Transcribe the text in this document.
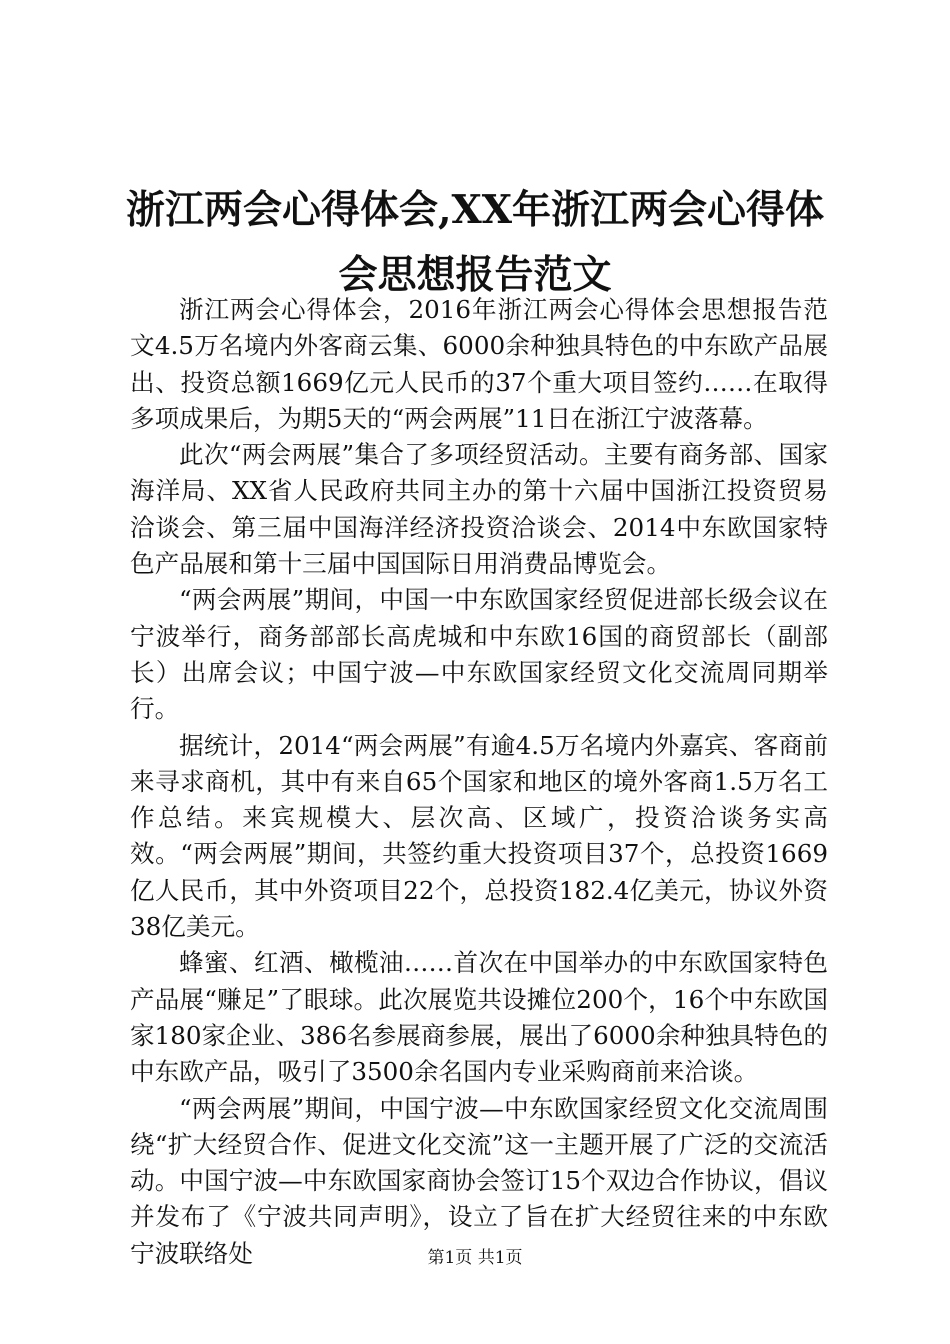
浙江两会心得体会,XX年浙江两会心得体会思想报告范文

浙江两会心得体会，2016年浙江两会心得体会思想报告范文4.5万名境内外客商云集、6000余种独具特色的中东欧产品展出、投资总额1669亿元人民币的37个重大项目签约……在取得多项成果后，为期5天的“两会两展”11日在浙江宁波落幕。

此次“两会两展”集合了多项经贸活动。主要有商务部、国家海洋局、XX省人民政府共同主办的第十六届中国浙江投资贸易洽谈会、第三届中国海洋经济投资洽谈会、2014中东欧国家特色产品展和第十三届中国国际日用消费品博览会。

“两会两展”期间，中国一中东欧国家经贸促进部长级会议在宁波举行，商务部部长高虎城和中东欧16国的商贸部长（副部长）出席会议；中国宁波—中东欧国家经贸文化交流周同期举行。

据统计，2014“两会两展”有逾4.5万名境内外嘉宾、客商前来寻求商机，其中有来自65个国家和地区的境外客商1.5万名工作总结。来宾规模大、层次高、区域广，投资洽谈务实高效。“两会两展”期间，共签约重大投资项目37个，总投资1669亿人民币，其中外资项目22个，总投资182.4亿美元，协议外资38亿美元。

蜂蜜、红酒、橄榄油……首次在中国举办的中东欧国家特色产品展“赚足”了眼球。此次展览共设摊位200个，16个中东欧国家180家企业、386名参展商参展，展出了6000余种独具特色的中东欧产品，吸引了3500余名国内专业采购商前来洽谈。

“两会两展”期间，中国宁波—中东欧国家经贸文化交流周围绕“扩大经贸合作、促进文化交流”这一主题开展了广泛的交流活动。中国宁波—中东欧国家商协会签订15个双边合作协议，倡议并发布了《宁波共同声明》，设立了旨在扩大经贸往来的中东欧宁波联络处	第1页 共1页
